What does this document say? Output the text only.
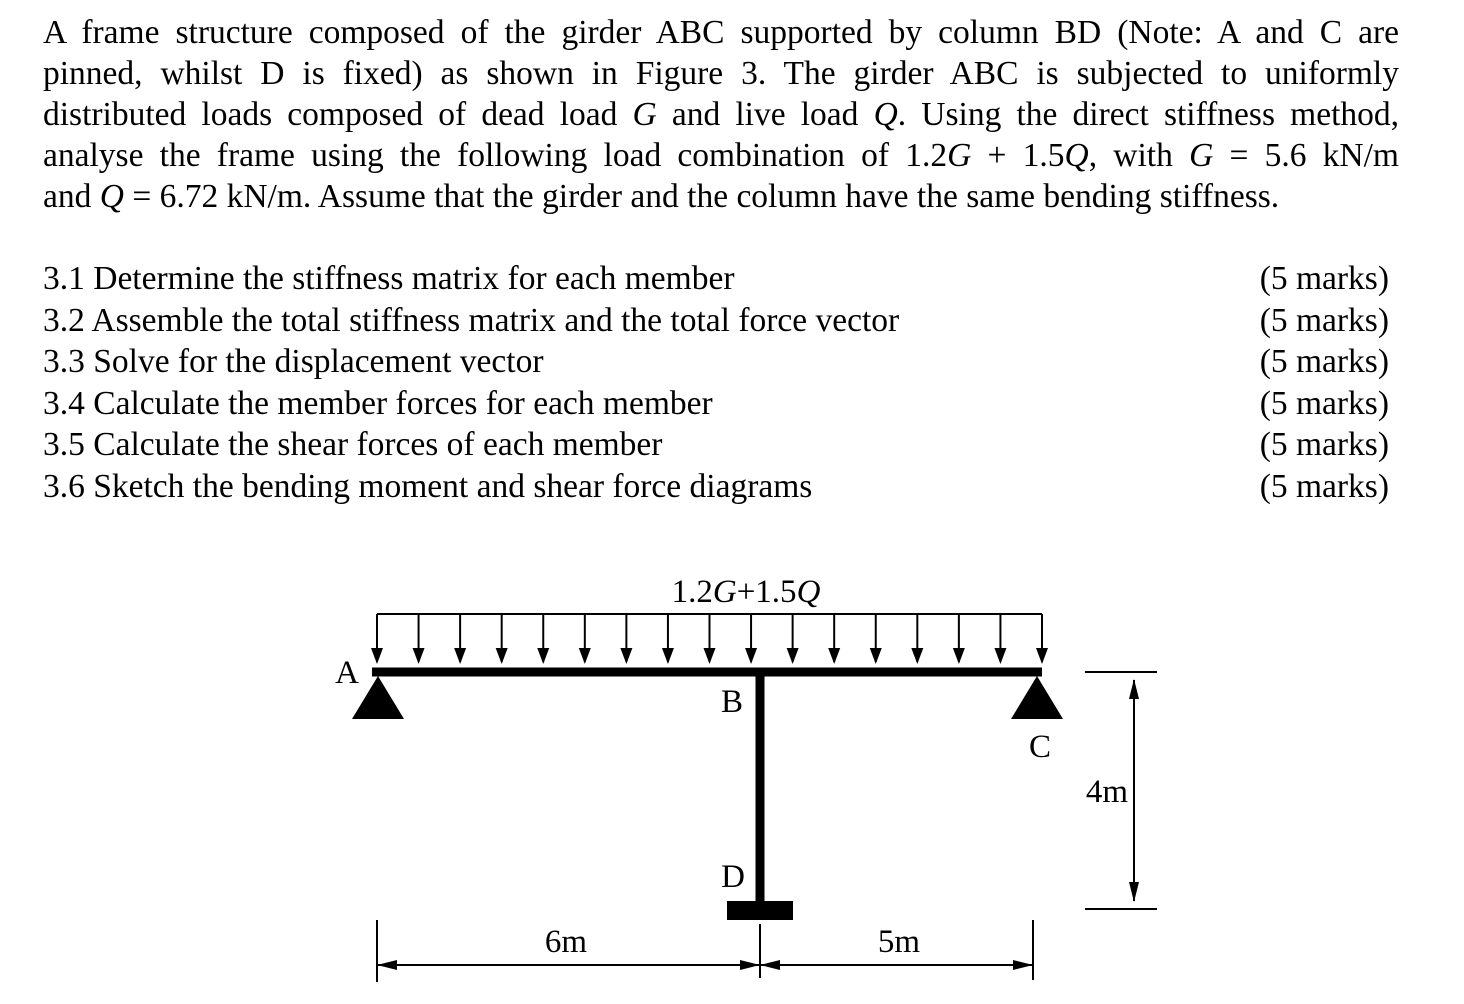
A frame structure composed of the girder ABC supported by column BD (Note: A and C are
pinned, whilst D is fixed) as shown in Figure 3. The girder ABC is subjected to uniformly
distributed loads composed of dead load G and live load Q. Using the direct stiffness method,
analyse the frame using the following load combination of 1.2G + 1.5Q, with G = 5.6 kN/m
and Q = 6.72 kN/m. Assume that the girder and the column have the same bending stiffness.
3.1 Determine the stiffness matrix for each member	(5 marks)
3.2 Assemble the total stiffness matrix and the total force vector	(5 marks)
3.3 Solve for the displacement vector	(5 marks)
3.4 Calculate the member forces for each member	(5 marks)
3.5 Calculate the shear forces of each member	(5 marks)
3.6 Sketch the bending moment and shear force diagrams	(5 marks)
1.2G+1.5Q
A
B
C
D
4m
6m	5m
